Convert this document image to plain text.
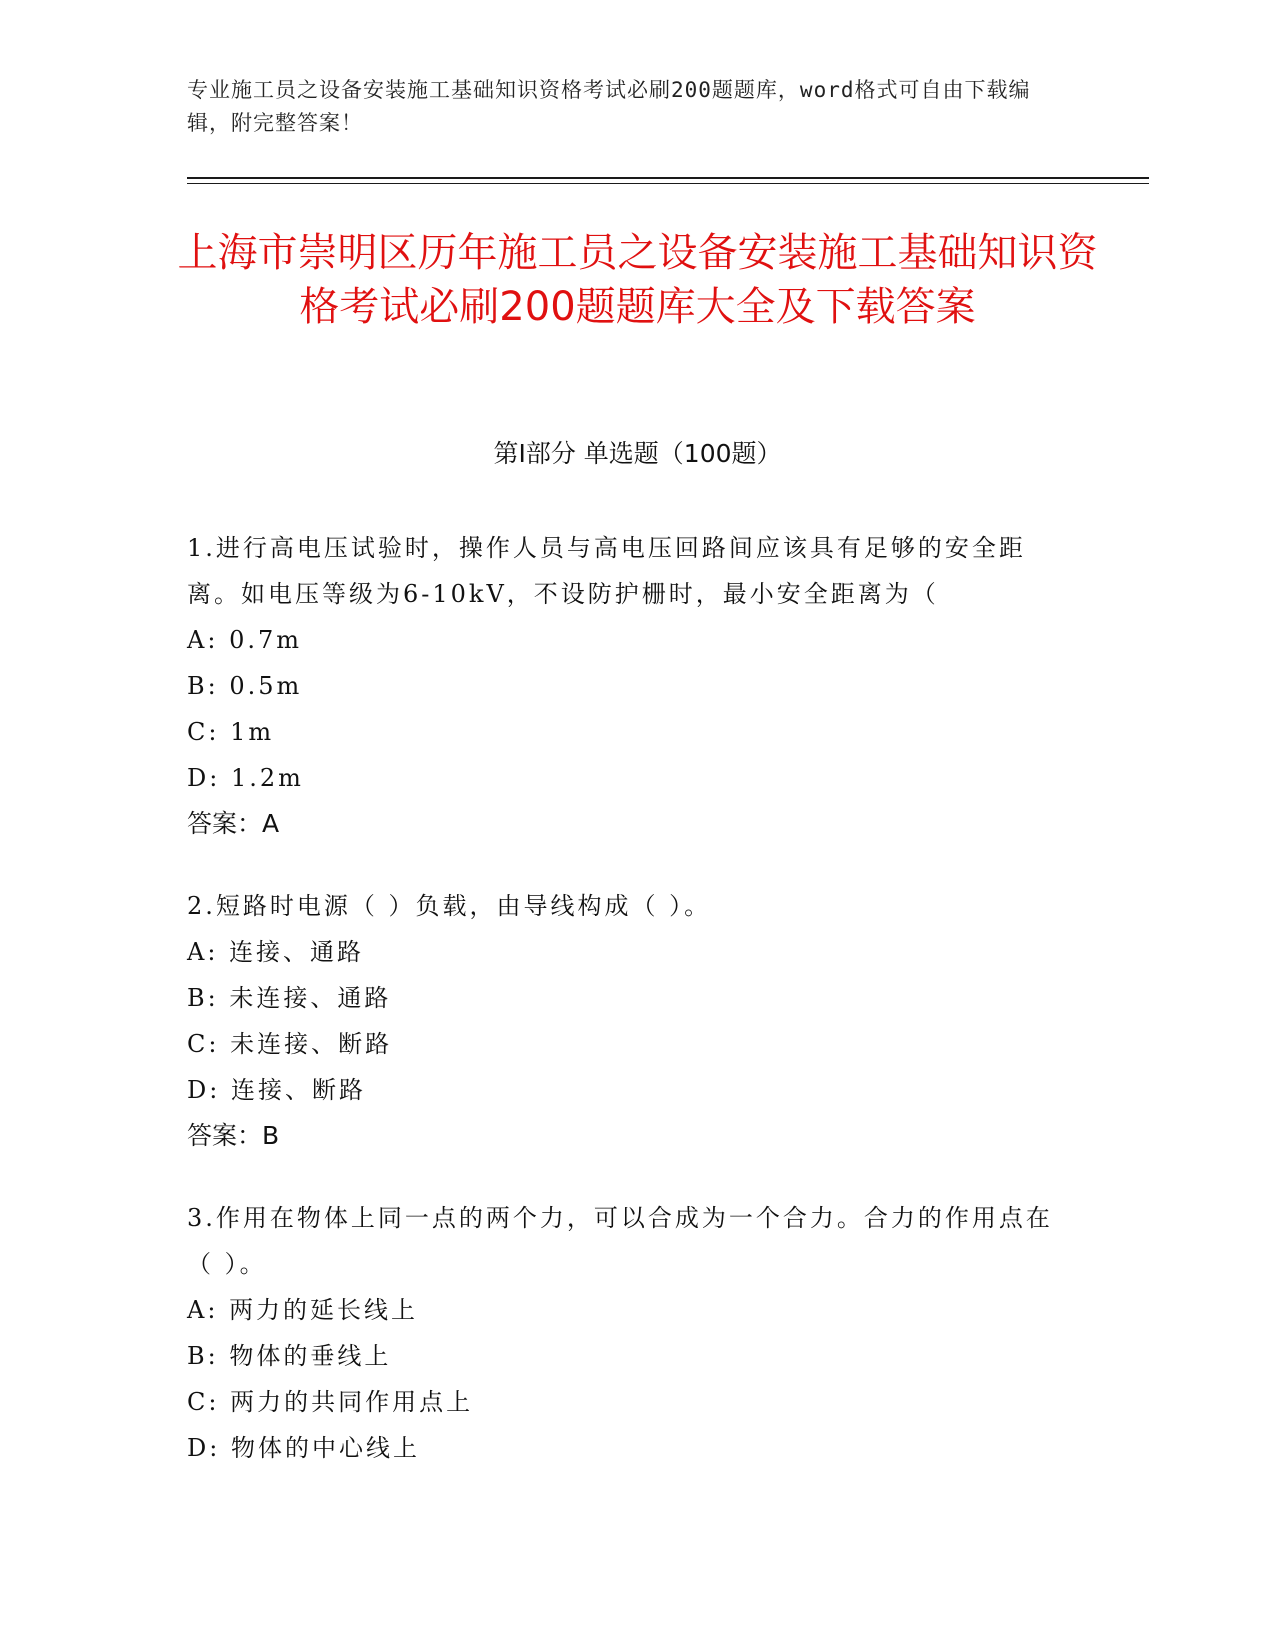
专业施工员之设备安装施工基础知识资格考试必刷200题题库，word格式可自由下载编辑，附完整答案！
上海市崇明区历年施工员之设备安装施工基础知识资格考试必刷200题题库大全及下载答案
第I部分 单选题（100题）

1.进行高电压试验时，操作人员与高电压回路间应该具有足够的安全距离。如电压等级为6-10kV，不设防护栅时，最小安全距离为（

A: 0.7m

B: 0.5m

C: 1m

D: 1.2m

答案：A

2.短路时电源（ ）负载，由导线构成（ ）。

A: 连接、通路

B: 未连接、通路

C: 未连接、断路

D: 连接、断路

答案：B

3.作用在物体上同一点的两个力，可以合成为一个合力。合力的作用点在（ ）。

A: 两力的延长线上

B: 物体的垂线上

C: 两力的共同作用点上

D: 物体的中心线上
